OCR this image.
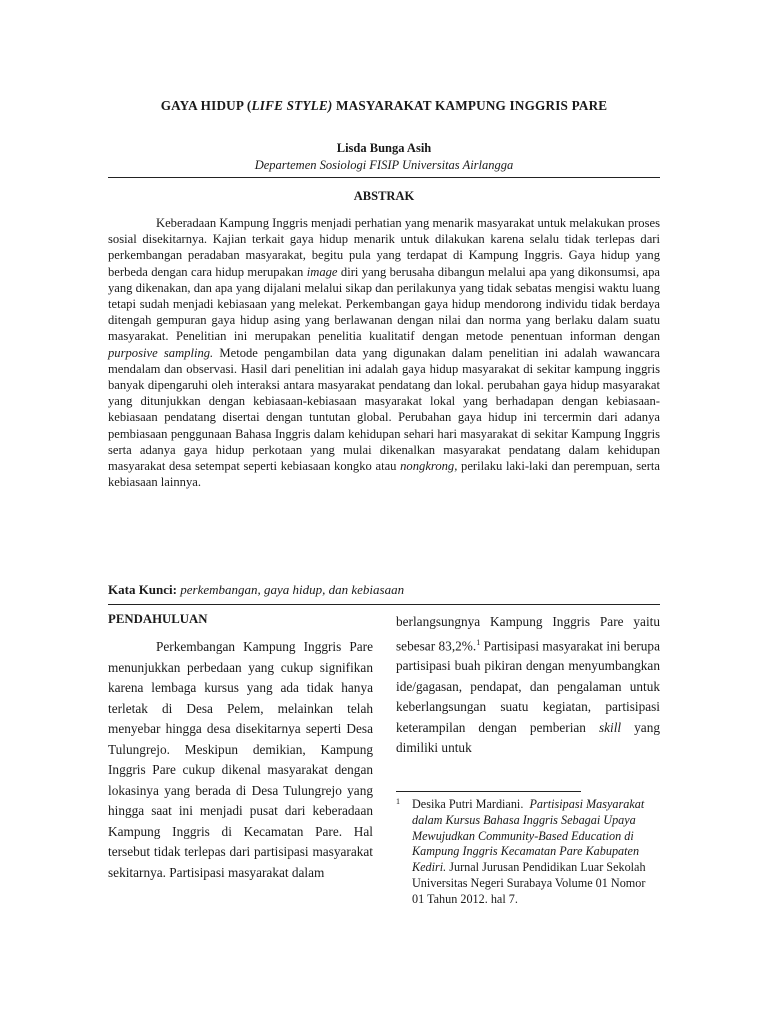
GAYA HIDUP (LIFE STYLE) MASYARAKAT KAMPUNG INGGRIS PARE
Lisda Bunga Asih
Departemen Sosiologi FISIP Universitas Airlangga
ABSTRAK

Keberadaan Kampung Inggris menjadi perhatian yang menarik masyarakat untuk melakukan proses sosial disekitarnya. Kajian terkait gaya hidup menarik untuk dilakukan karena selalu tidak terlepas dari perkembangan peradaban masyarakat, begitu pula yang terdapat di Kampung Inggris. Gaya hidup yang berbeda dengan cara hidup merupakan image diri yang berusaha dibangun melalui apa yang dikonsumsi, apa yang dikenakan, dan apa yang dijalani melalui sikap dan perilakunya yang tidak sebatas mengisi waktu luang tetapi sudah menjadi kebiasaan yang melekat. Perkembangan gaya hidup mendorong individu tidak berdaya ditengah gempuran gaya hidup asing yang berlawanan dengan nilai dan norma yang berlaku dalam suatu masyarakat. Penelitian ini merupakan penelitia kualitatif dengan metode penentuan informan dengan purposive sampling. Metode pengambilan data yang digunakan dalam penelitian ini adalah wawancara mendalam dan observasi. Hasil dari penelitian ini adalah gaya hidup masyarakat di sekitar kampung inggris banyak dipengaruhi oleh interaksi antara masyarakat pendatang dan lokal. perubahan gaya hidup masyarakat yang ditunjukkan dengan kebiasaan-kebiasaan masyarakat lokal yang berhadapan dengan kebiasaan-kebiasaan pendatang disertai dengan tuntutan global. Perubahan gaya hidup ini tercermin dari adanya pembiasaan penggunaan Bahasa Inggris dalam kehidupan sehari hari masyarakat di sekitar Kampung Inggris serta adanya gaya hidup perkotaan yang mulai dikenalkan masyarakat pendatang dalam kehidupan masyarakat desa setempat seperti kebiasaan kongko atau nongkrong, perilaku laki-laki dan perempuan, serta kebiasaan lainnya.

Kata Kunci: perkembangan, gaya hidup, dan kebiasaan
PENDAHULUAN

Perkembangan Kampung Inggris Pare menunjukkan perbedaan yang cukup signifikan karena lembaga kursus yang ada tidak hanya terletak di Desa Pelem, melainkan telah menyebar hingga desa disekitarnya seperti Desa Tulungrejo. Meskipun demikian, Kampung Inggris Pare cukup dikenal masyarakat dengan lokasinya yang berada di Desa Tulungrejo yang hingga saat ini menjadi pusat dari keberadaan Kampung Inggris di Kecamatan Pare. Hal tersebut tidak terlepas dari partisipasi masyarakat sekitarnya. Partisipasi masyarakat dalam

berlangsungnya Kampung Inggris Pare yaitu sebesar 83,2%.$^1$ Partisipasi masyarakat ini berupa partisipasi buah pikiran dengan menyumbangkan ide/gagasan, pendapat, dan pengalaman untuk keberlangsungan suatu kegiatan, partisipasi keterampilan dengan pemberian skill yang dimiliki untuk

1 Desika Putri Mardiani. Partisipasi Masyarakat dalam Kursus Bahasa Inggris Sebagai Upaya Mewujudkan Community-Based Education di Kampung Inggris Kecamatan Pare Kabupaten Kediri. Jurnal Jurusan Pendidikan Luar Sekolah Universitas Negeri Surabaya Volume 01 Nomor 01 Tahun 2012. hal 7.
